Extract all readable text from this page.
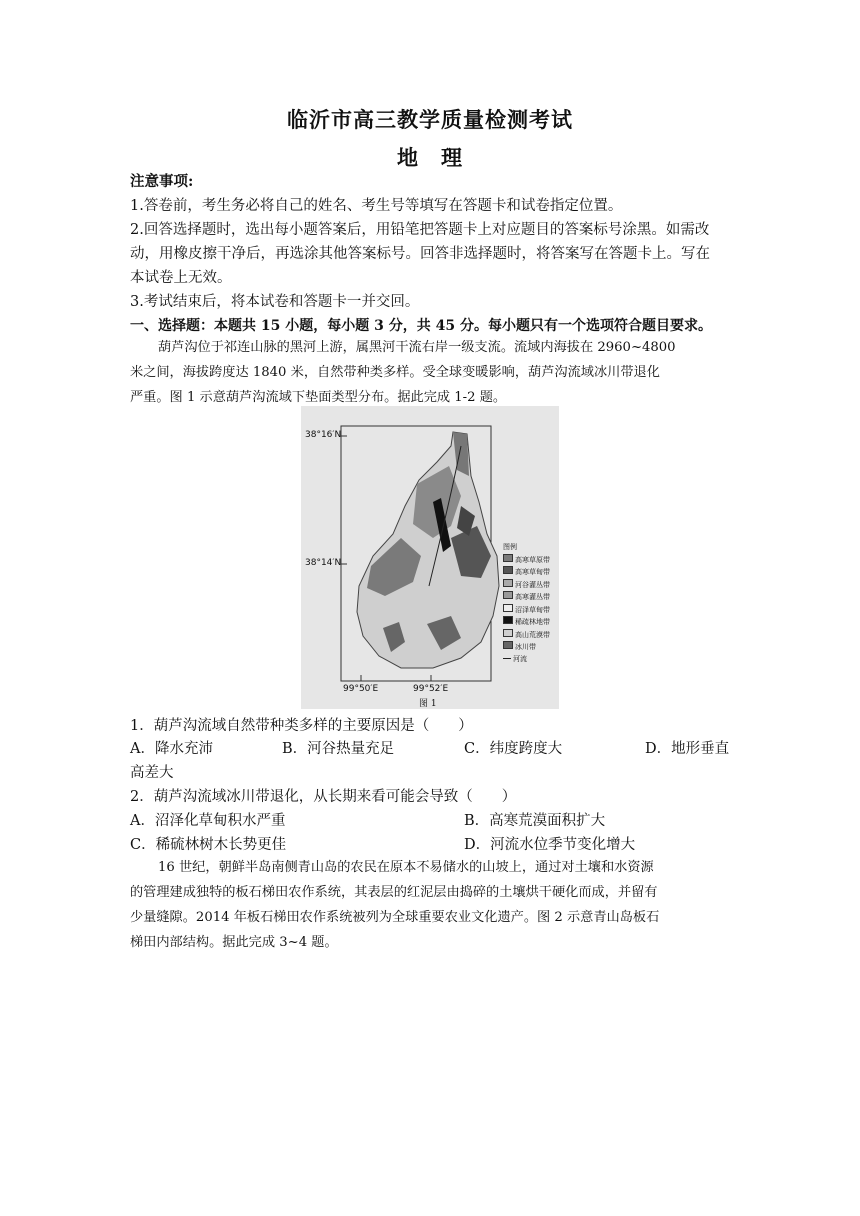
临沂市高三教学质量检测考试
地　理
注意事项:
1.答卷前，考生务必将自己的姓名、考生号等填写在答题卡和试卷指定位置。
2.回答选择题时，选出每小题答案后，用铅笔把答题卡上对应题目的答案标号涂黑。如需改
动，用橡皮擦干净后，再选涂其他答案标号。回答非选择题时，将答案写在答题卡上。写在
本试卷上无效。
3.考试结束后，将本试卷和答题卡一并交回。
一、选择题：本题共 15 小题，每小题 3 分，共 45 分。每小题只有一个选项符合题目要求。
葫芦沟位于祁连山脉的黑河上游，属黑河干流右岸一级支流。流域内海拔在 2960~4800
米之间，海拔跨度达 1840 米，自然带种类多样。受全球变暖影响，葫芦沟流域冰川带退化
严重。图 1 示意葫芦沟流域下垫面类型分布。据此完成 1-2 题。
38°16′N
38°14′N
99°50′E	99°52′E
图 1
图例
高寒草原带
高寒草甸带
河谷灌丛带
高寒灌丛带
沼泽草甸带
稀疏林地带
高山荒漠带
冰川带
河流
1．葫芦沟流域自然带种类多样的主要原因是（　　）
A．降水充沛	B．河谷热量充足	C．纬度跨度大	D．地形垂直
高差大
2．葫芦沟流域冰川带退化，从长期来看可能会导致（　　）
A．沼泽化草甸积水严重	B．高寒荒漠面积扩大
C．稀硫林树木长势更佳	D．河流水位季节变化增大
16 世纪，朝鲜半岛南侧青山岛的农民在原本不易储水的山坡上，通过对土壤和水资源
的管理建成独特的板石梯田农作系统，其表层的红泥层由捣碎的土壤烘干硬化而成，并留有
少量缝隙。2014 年板石梯田农作系统被列为全球重要农业文化遗产。图 2 示意青山岛板石
梯田内部结构。据此完成 3~4 题。
